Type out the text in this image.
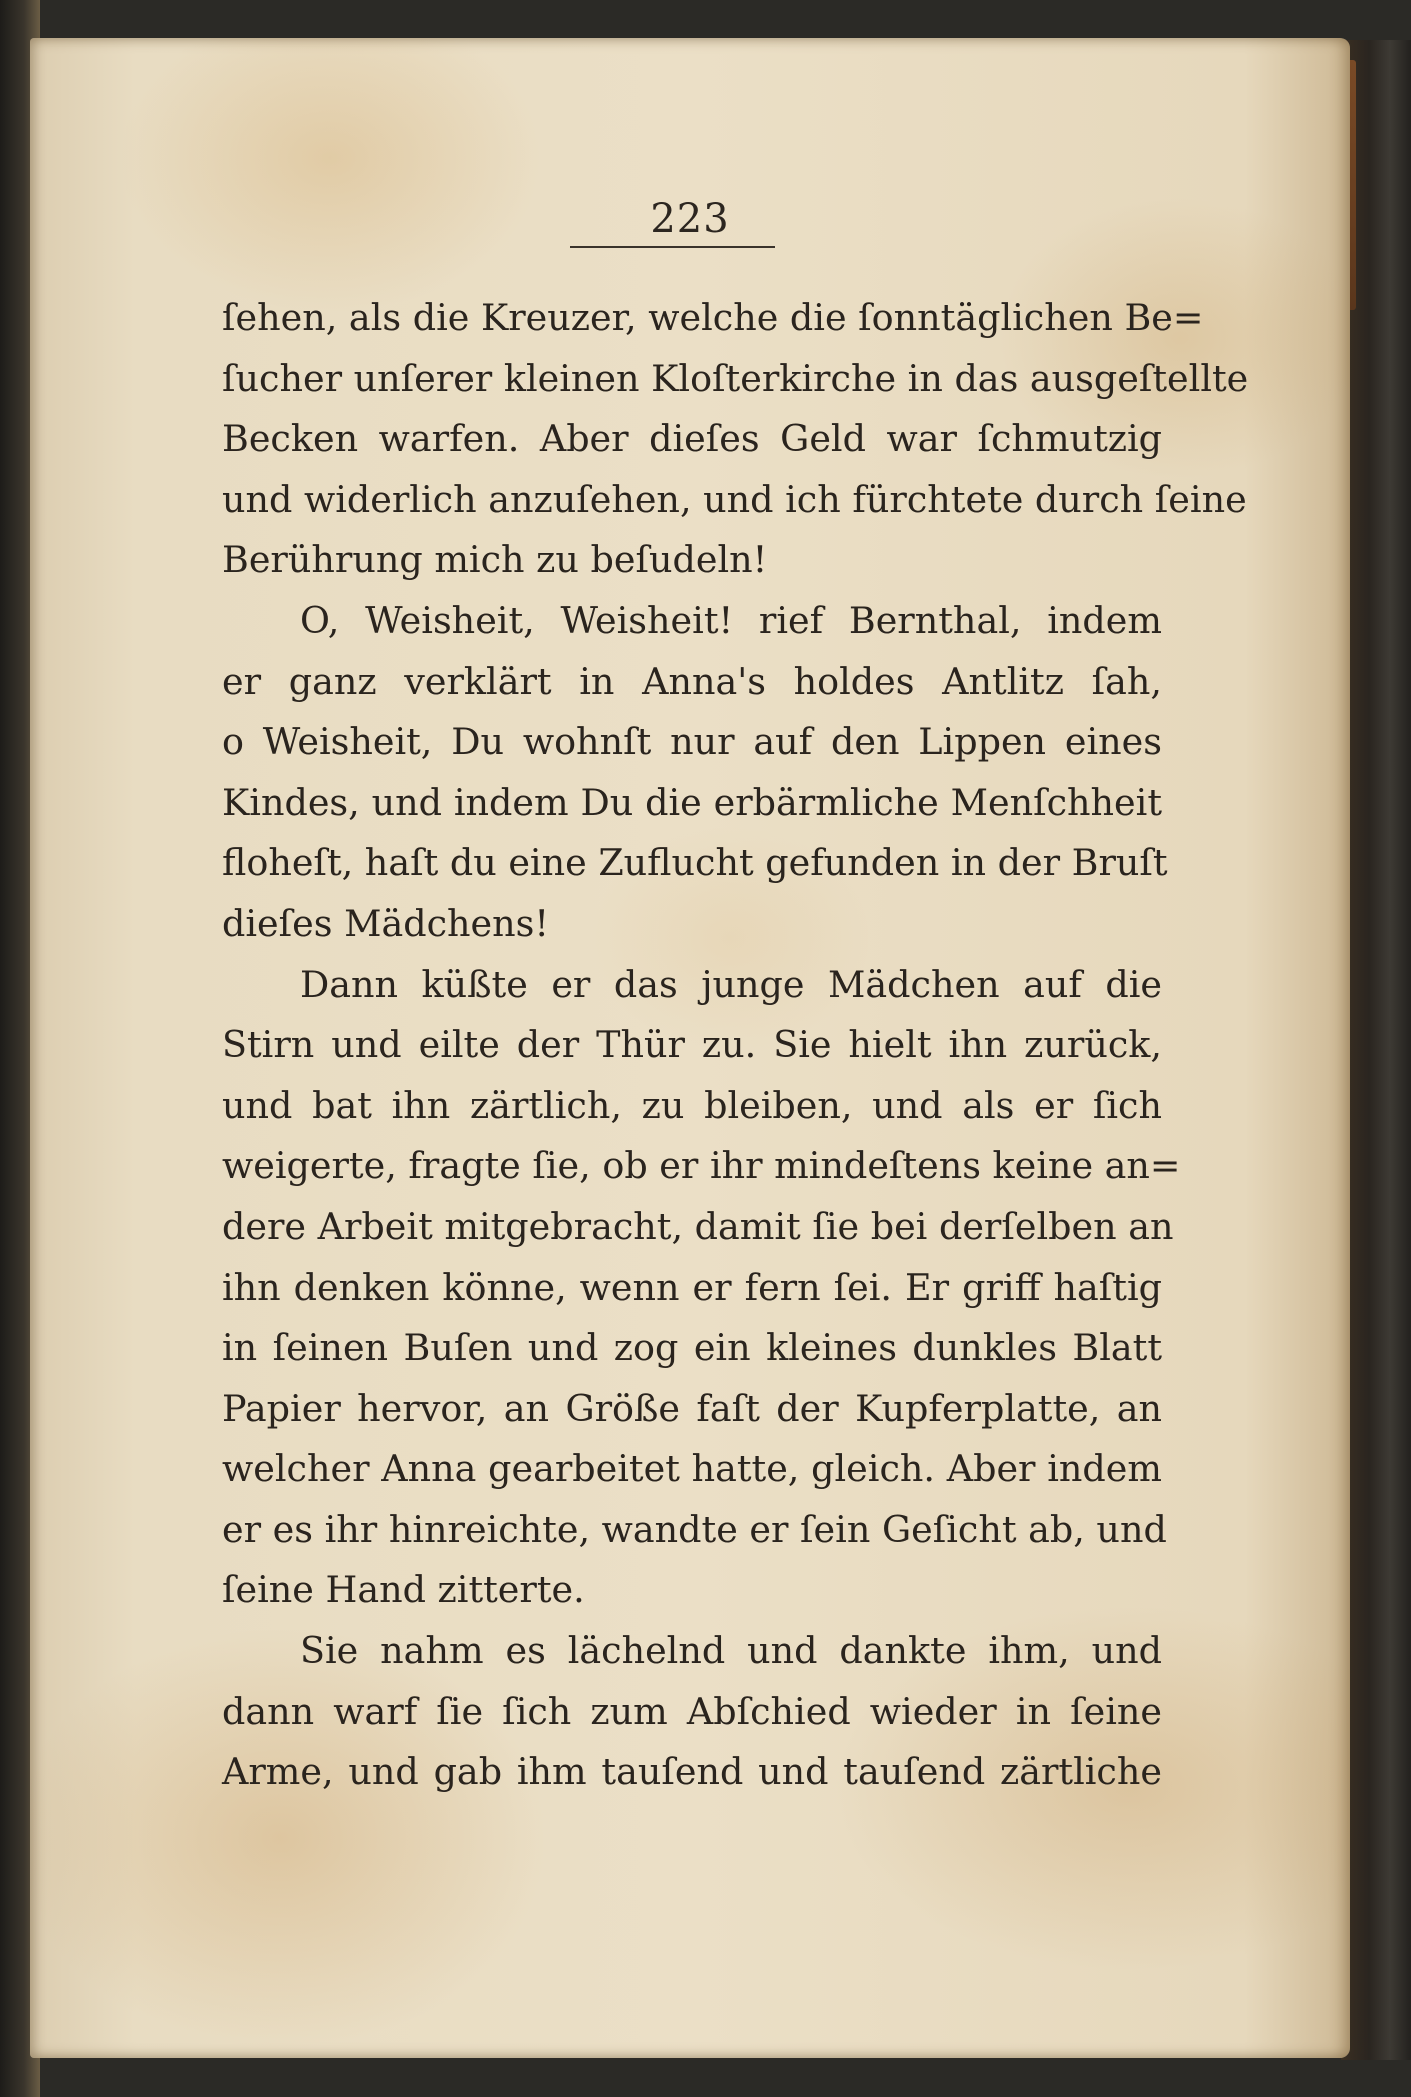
223
ſehen, als die Kreuzer, welche die ſonntäglichen Be=
ſucher unſerer kleinen Kloſterkirche in das ausgeſtellte
Becken warfen. Aber dieſes Geld war ſchmutzig
und widerlich anzuſehen, und ich fürchtete durch ſeine
Berührung mich zu beſudeln!
O, Weisheit, Weisheit! rief Bernthal, indem
er ganz verklärt in Anna's holdes Antlitz ſah,
o Weisheit, Du wohnſt nur auf den Lippen eines
Kindes, und indem Du die erbärmliche Menſchheit
floheſt, haſt du eine Zuflucht gefunden in der Bruſt
dieſes Mädchens!
Dann küßte er das junge Mädchen auf die
Stirn und eilte der Thür zu. Sie hielt ihn zurück,
und bat ihn zärtlich, zu bleiben, und als er ſich
weigerte, fragte ſie, ob er ihr mindeſtens keine an=
dere Arbeit mitgebracht, damit ſie bei derſelben an
ihn denken könne, wenn er fern ſei. Er griff haſtig
in ſeinen Buſen und zog ein kleines dunkles Blatt
Papier hervor, an Größe faſt der Kupferplatte, an
welcher Anna gearbeitet hatte, gleich. Aber indem
er es ihr hinreichte, wandte er ſein Geſicht ab, und
ſeine Hand zitterte.
Sie nahm es lächelnd und dankte ihm, und
dann warf ſie ſich zum Abſchied wieder in ſeine
Arme, und gab ihm tauſend und tauſend zärtliche
